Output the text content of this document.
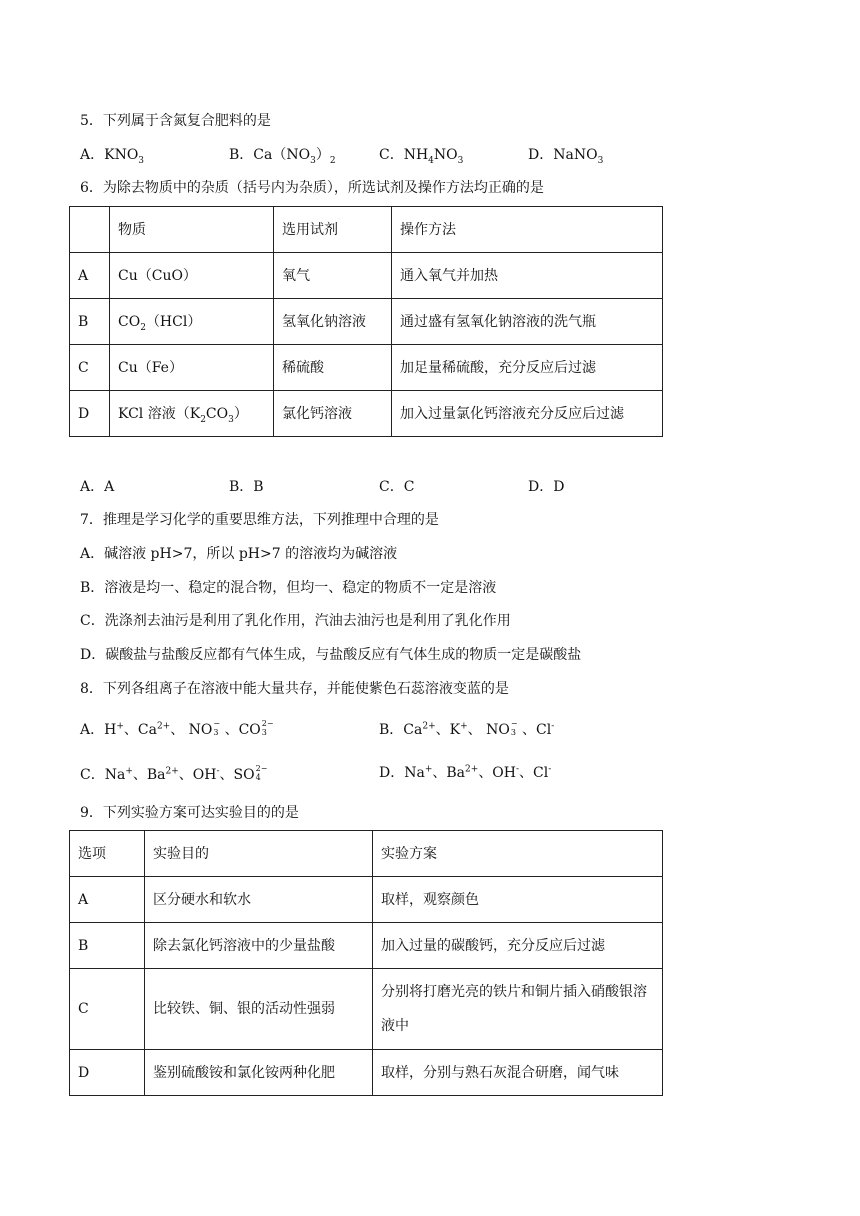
5．下列属于含氮复合肥料的是
A．$KNO_3$	B．$Ca(NO_3)_2$	C．$NH_4NO_3$	D．NaNO$_3$
6．为除去物质中的杂质（括号内为杂质），所选试剂及操作方法均正确的是
	物质	选用试剂	操作方法
A	Cu（CuO）	氧气	通入氧气并加热
B	$CO_2(HCl)$	氢氧化钠溶液	通过盛有氢氧化钠溶液的洗气瓶
C	Cu（Fe）	稀硫酸	加足量稀硫酸，充分反应后过滤
D	KCl 溶液$(K_2CO_3)$	氯化钙溶液	加入过量氯化钙溶液充分反应后过滤
A．A	B．B	C．C	D．D
7．推理是学习化学的重要思维方法，下列推理中合理的是
A．碱溶液 pH>7，所以 pH>7 的溶液均为碱溶液
B．溶液是均一、稳定的混合物，但均一、稳定的物质不一定是溶液
C．洗涤剂去油污是利用了乳化作用，汽油去油污也是利用了乳化作用
D．碳酸盐与盐酸反应都有气体生成，与盐酸反应有气体生成的物质一定是碳酸盐
8．下列各组离子在溶液中能大量共存，并能使紫色石蕊溶液变蓝的是
A．H+、$Ca^{2+}$、 NO −
3 、CO 2−
3	B．$Ca^{2+}$、K+、 NO −
3 、Cl-
C．Na+、$Ba^{2+}$、OH-、SO 2−
4	D．Na+、$Ba^{2+}$、OH-、Cl-
9．下列实验方案可达实验目的的是
选项	实验目的	实验方案
A	区分硬水和软水	取样，观察颜色
B	除去氯化钙溶液中的少量盐酸	加入过量的碳酸钙，充分反应后过滤
C	比较铁、铜、银的活动性强弱	分别将打磨光亮的铁片和铜片插入硝酸银溶液中
D	鉴别硫酸铵和氯化铵两种化肥	取样，分别与熟石灰混合研磨，闻气味
